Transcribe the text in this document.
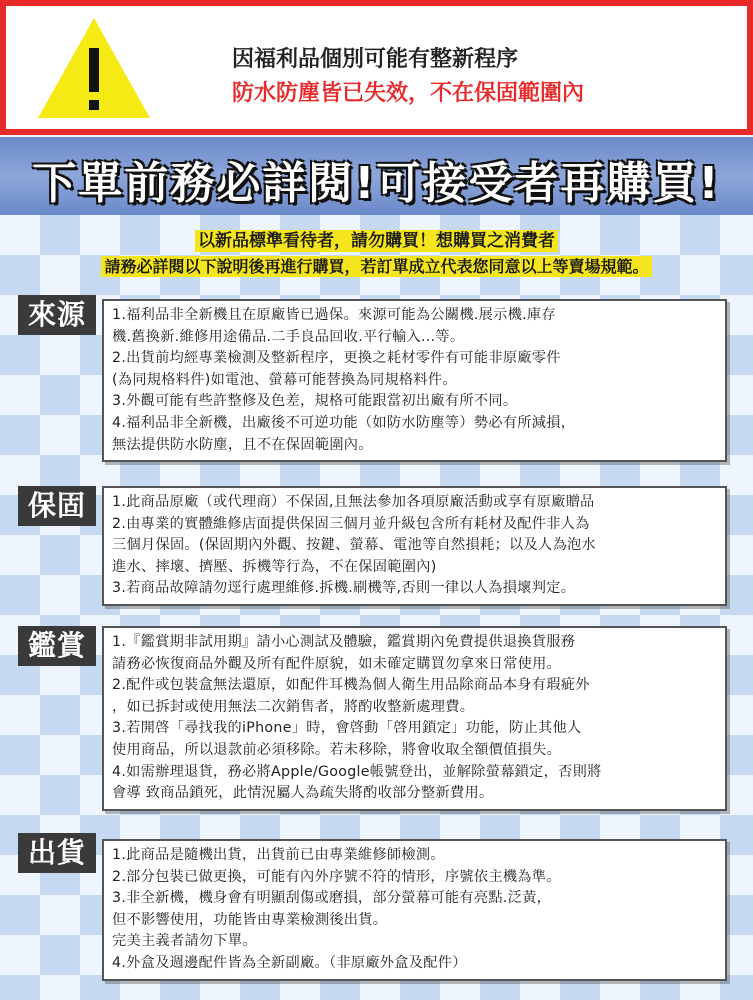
因福利品個別可能有整新程序
防水防塵皆已失效，不在保固範圍內
下單前務必詳閱!可接受者再購買!
以新品標準看待者，請勿購買！想購買之消費者
請務必詳閱以下說明後再進行購買，若訂單成立代表您同意以上等賣場規範。
來源	1.福利品非全新機且在原廠皆已過保。來源可能為公關機.展示機.庫存
機.舊換新.維修用途備品.二手良品回收.平行輸入...等。
2.出貨前均經專業檢測及整新程序，更換之耗材零件有可能非原廠零件
(為同規格料件)如電池、螢幕可能替換為同規格料件。
3.外觀可能有些許整修及色差，規格可能跟當初出廠有所不同。
4.福利品非全新機，出廠後不可逆功能（如防水防塵等）勢必有所減損，
無法提供防水防塵，且不在保固範圍內。
保固	1.此商品原廠（或代理商）不保固,且無法參加各項原廠活動或享有原廠贈品
2.由專業的實體維修店面提供保固三個月並升級包含所有耗材及配件非人為
三個月保固。(保固期內外觀、按鍵、螢幕、電池等自然損耗；以及人為泡水
進水、摔壞、擠壓、拆機等行為，不在保固範圍內)
3.若商品故障請勿逕行處理維修.拆機.刷機等,否則一律以人為損壞判定。
鑑賞	1.『鑑賞期非試用期』請小心測試及體驗，鑑賞期內免費提供退換貨服務
請務必恢復商品外觀及所有配件原貌，如未確定購買勿拿來日常使用。
2.配件或包裝盒無法還原，如配件耳機為個人衛生用品除商品本身有瑕疵外
，如已拆封或使用無法二次銷售者，將酌收整新處理費。
3.若開啓「尋找我的iPhone」時，會啓動「啓用鎖定」功能，防止其他人
使用商品，所以退款前必須移除。若未移除，將會收取全額價值損失。
4.如需辦理退貨，務必將Apple/Google帳號登出，並解除螢幕鎖定，否則將
會導 致商品鎖死，此情況屬人為疏失將酌收部分整新費用。
出貨	1.此商品是隨機出貨，出貨前已由專業維修師檢測。
2.部分包裝已做更換，可能有內外序號不符的情形，序號依主機為準。
3.非全新機，機身會有明顯刮傷或磨損，部分螢幕可能有亮點.泛黃，
但不影響使用，功能皆由專業檢測後出貨。
完美主義者請勿下單。
4.外盒及週邊配件皆為全新副廠。（非原廠外盒及配件）
